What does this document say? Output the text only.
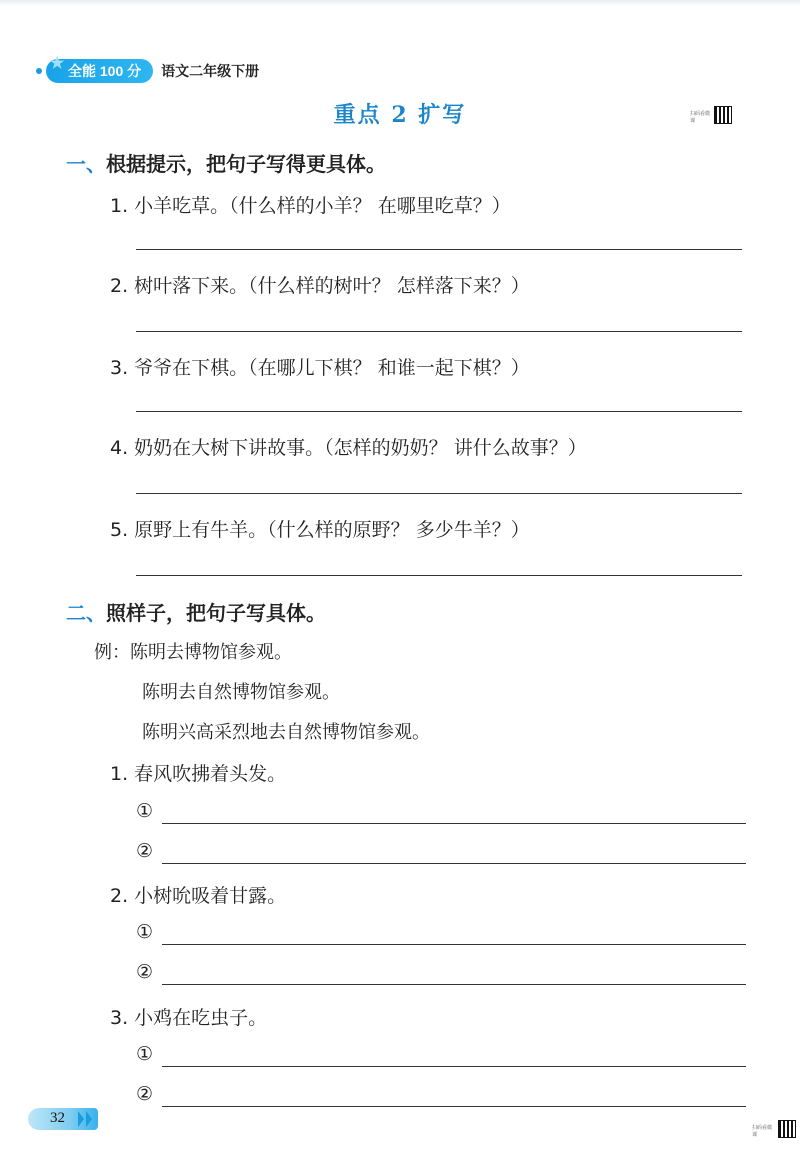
★ 全能 100 分	语文二年级下册
重点 2 扩写	扫码看微课
一、根据提示，把句子写得更具体。
1. 小羊吃草。（什么样的小羊？ 在哪里吃草？）
2. 树叶落下来。（什么样的树叶？ 怎样落下来？）
3. 爷爷在下棋。（在哪儿下棋？ 和谁一起下棋？）
4. 奶奶在大树下讲故事。（怎样的奶奶？ 讲什么故事？）
5. 原野上有牛羊。（什么样的原野？ 多少牛羊？）
二、照样子，把句子写具体。
例：陈明去博物馆参观。
陈明去自然博物馆参观。
陈明兴高采烈地去自然博物馆参观。
1. 春风吹拂着头发。
①
②
2. 小树吮吸着甘露。
①
②
3. 小鸡在吃虫子。
①
②
32
扫码看微课
